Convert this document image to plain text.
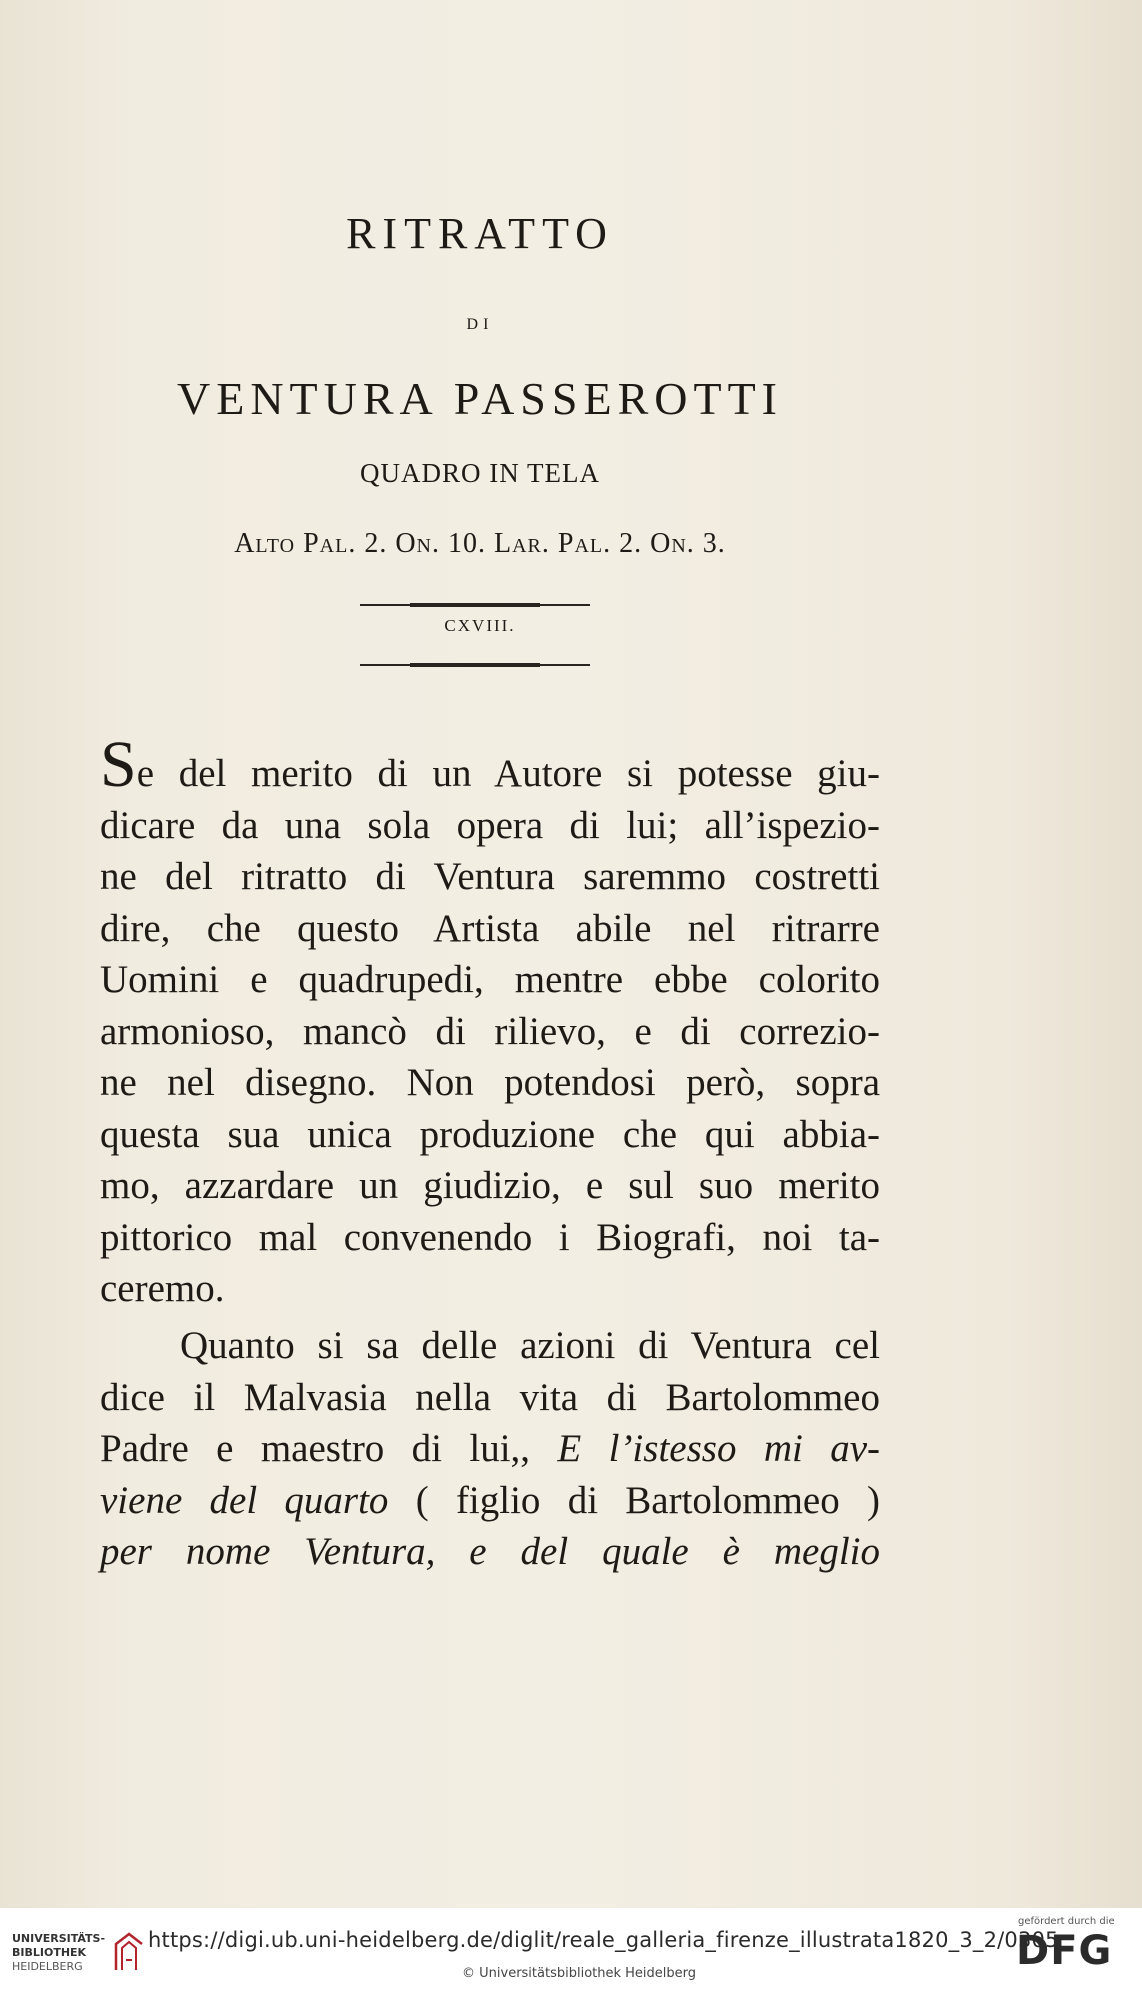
RITRATTO
DI
VENTURA PASSEROTTI
QUADRO IN TELA
Alto Pal. 2. On. 10. Lar. Pal. 2. On. 3.
CXVIII.
Se del merito di un Autore si potesse giu-
dicare da una sola opera di lui; all’ispezio-
ne del ritratto di Ventura saremmo costretti
dire, che questo Artista abile nel ritrarre
Uomini e quadrupedi, mentre ebbe colorito
armonioso, mancò di rilievo, e di correzio-
ne nel disegno. Non potendosi però, sopra
questa sua unica produzione che qui abbia-
mo, azzardare un giudizio, e sul suo merito
pittorico mal convenendo i Biografi, noi ta-
ceremo.
Quanto si sa delle azioni di Ventura cel
dice il Malvasia nella vita di Bartolommeo
Padre e maestro di lui,, E l’istesso mi av-
viene del quarto ( figlio di Bartolommeo )
per nome Ventura, e del quale è meglio
UNIVERSITÄTS-
BIBLIOTHEK
HEIDELBERG
https://digi.ub.uni-heidelberg.de/diglit/reale_galleria_firenze_illustrata1820_3_2/0305
© Universitätsbibliothek Heidelberg
gefördert durch die
DFG
